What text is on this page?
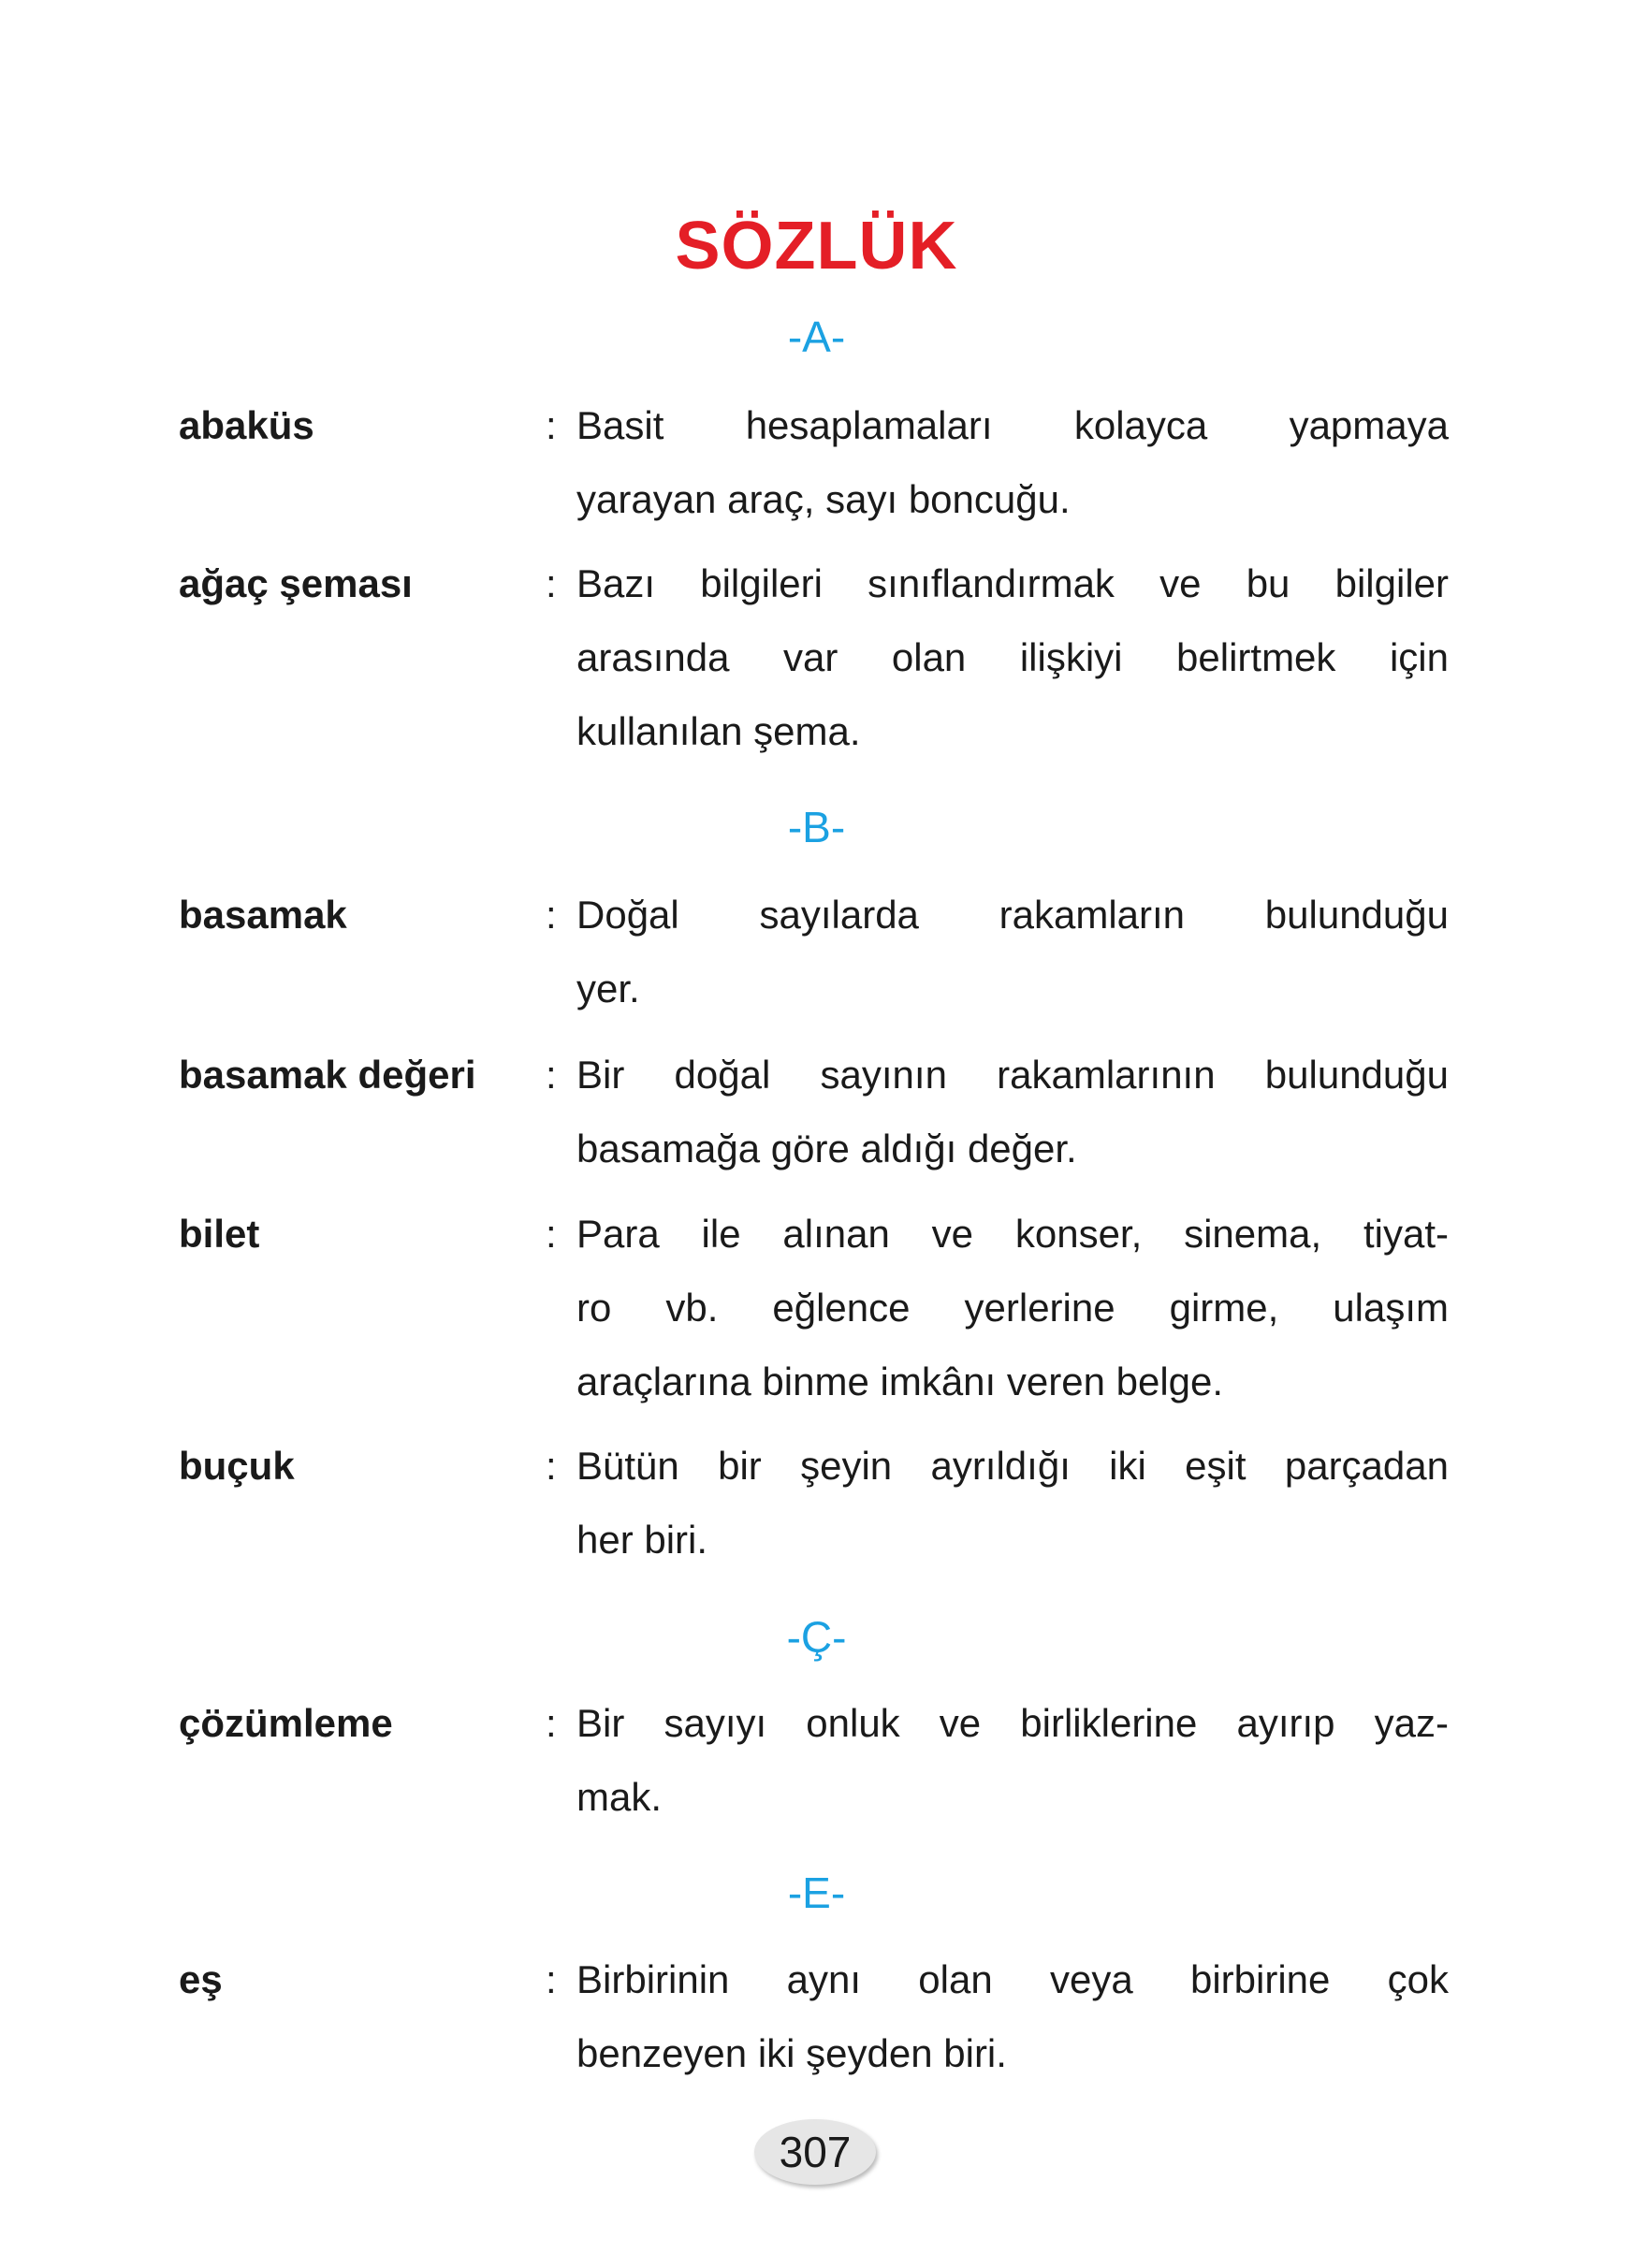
SÖZLÜK
-A-
abaküs	: Basit hesaplamaları kolayca yapmaya
yarayan araç, sayı boncuğu.
ağaç şeması	: Bazı bilgileri sınıflandırmak ve bu bilgiler
arasında var olan ilişkiyi belirtmek için
kullanılan şema.
-B-
basamak	: Doğal sayılarda rakamların bulunduğu
yer.
basamak değeri : Bir doğal sayının rakamlarının bulunduğu
basamağa göre aldığı değer.
bilet	: Para ile alınan ve konser, sinema, tiyat-
ro vb. eğlence yerlerine girme, ulaşım
araçlarına binme imkânı veren belge.
buçuk	: Bütün bir şeyin ayrıldığı iki eşit parçadan
her biri.
-Ç-
çözümleme	: Bir sayıyı onluk ve birliklerine ayırıp yaz-
mak.
-E-
eş	: Birbirinin aynı olan veya birbirine çok
benzeyen iki şeyden biri.
307
